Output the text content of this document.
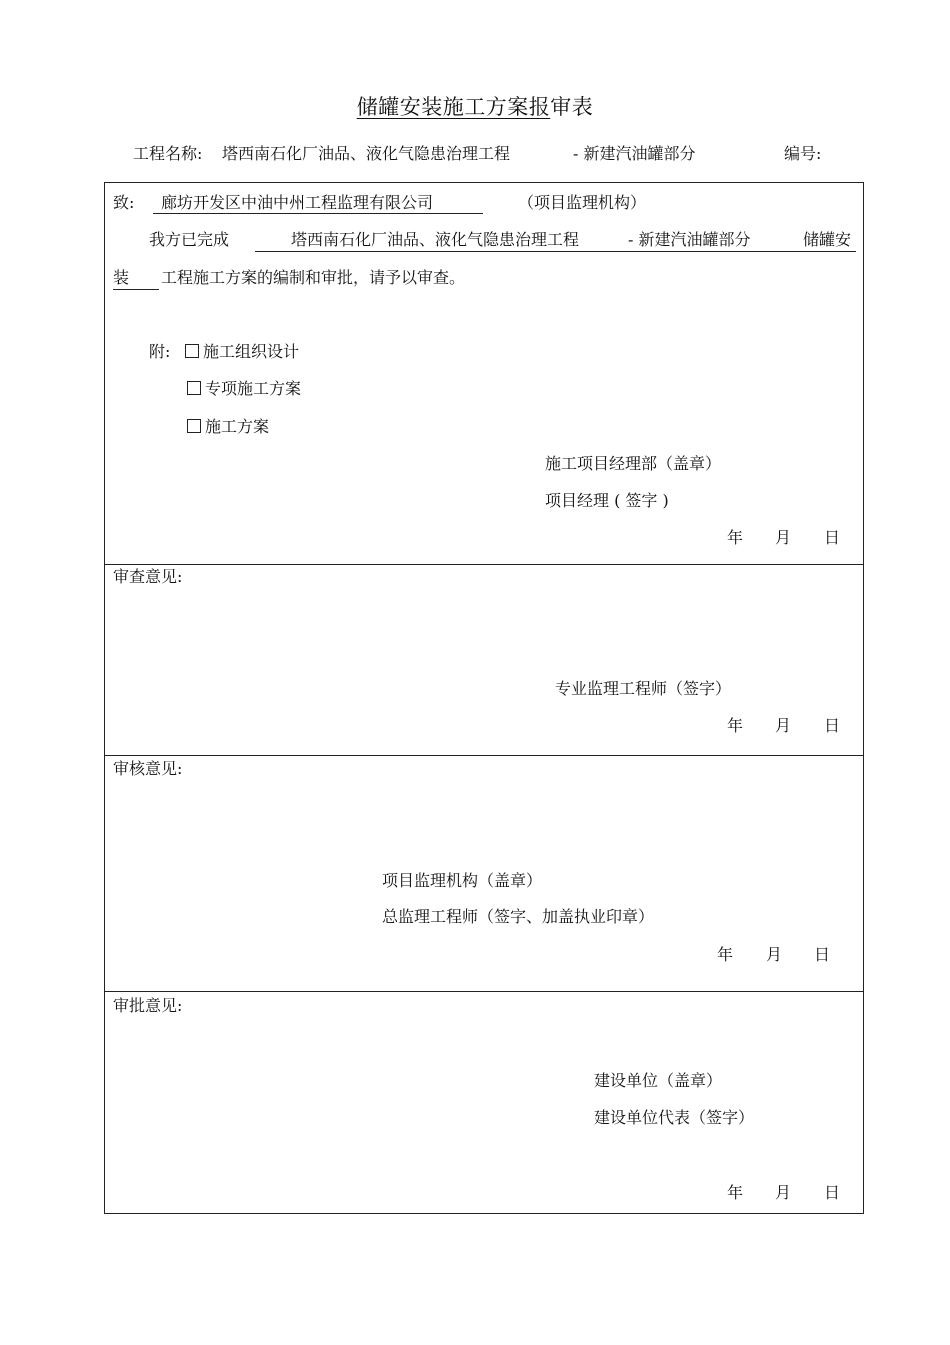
储罐安装施工方案报审表
工程名称: 塔西南石化厂油品、液化气隐患治理工程	- 新建汽油罐部分	编号:
致:	廊坊开发区中油中州工程监理有限公司	（项目监理机构）
我方已完成	塔西南石化厂油品、液化气隐患治理工程	- 新建汽油罐部分	储罐安
装 工程施工方案的编制和审批，请予以审查。
附:	施工组织设计
专项施工方案
施工方案
施工项目经理部（盖章）
项目经理 ( 签字 )
年 月 日
审查意见:
专业监理工程师（签字）
年 月 日
审核意见:
项目监理机构（盖章）
总监理工程师（签字、加盖执业印章）
年 月 日
审批意见:
建设单位（盖章）
建设单位代表（签字）
年 月 日
